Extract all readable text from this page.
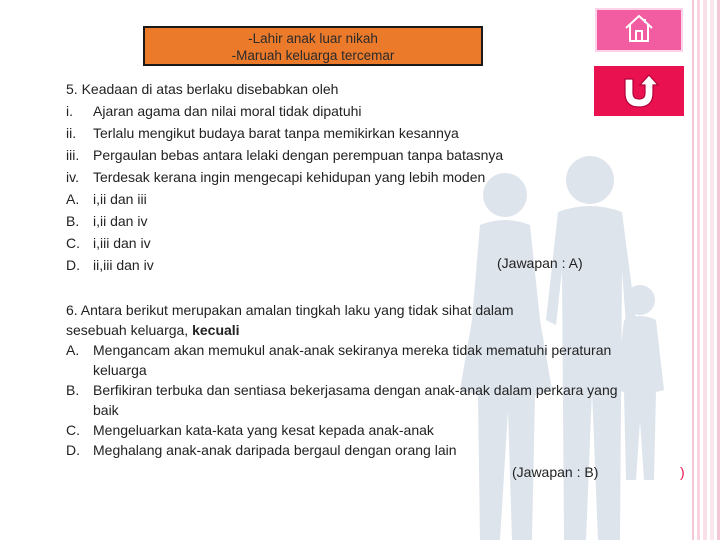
-Lahir anak luar nikah
-Maruah keluarga tercemar
5. Keadaan di atas berlaku disebabkan oleh
i.	Ajaran agama dan nilai moral tidak dipatuhi
ii.	Terlalu mengikut budaya barat tanpa memikirkan kesannya
iii. Pergaulan bebas antara lelaki dengan perempuan tanpa batasnya
iv.	Terdesak kerana ingin mengecapi kehidupan yang lebih moden
A. i,ii dan iii
B. i,ii dan iv
C. i,iii dan iv
D. ii,iii dan iv	(Jawapan : A)
6. Antara berikut merupakan amalan tingkah laku yang tidak sihat dalam
sesebuah keluarga, kecuali
A. Mengancam akan memukul anak-anak sekiranya mereka tidak mematuhi peraturan keluarga
B. Berfikiran terbuka dan sentiasa bekerjasama dengan anak-anak dalam perkara yang baik
C. Mengeluarkan kata-kata yang kesat kepada anak-anak
D. Meghalang anak-anak daripada bergaul dengan orang lain
(Jawapan : B)	)
